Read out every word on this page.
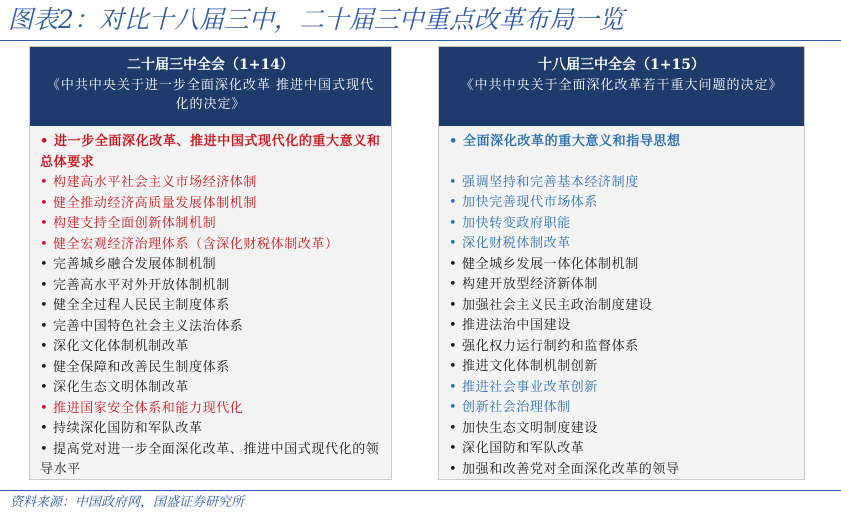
图表2：对比十八届三中，二十届三中重点改革布局一览
二十届三中全会（1+14）
《中共中央关于进一步全面深化改革 推进中国式现代化的决定》
• 进一步全面深化改革、推进中国式现代化的重大意义和总体要求
• 构建高水平社会主义市场经济体制
• 健全推动经济高质量发展体制机制
• 构建支持全面创新体制机制
• 健全宏观经济治理体系（含深化财税体制改革）
• 完善城乡融合发展体制机制
• 完善高水平对外开放体制机制
• 健全全过程人民民主制度体系
• 完善中国特色社会主义法治体系
• 深化文化体制机制改革
• 健全保障和改善民生制度体系
• 深化生态文明体制改革
• 推进国家安全体系和能力现代化
• 持续深化国防和军队改革
• 提高党对进一步全面深化改革、推进中国式现代化的领导水平
十八届三中全会（1+15）
《中共中央关于全面深化改革若干重大问题的决定》
• 全面深化改革的重大意义和指导思想
• 强调坚持和完善基本经济制度
• 加快完善现代市场体系
• 加快转变政府职能
• 深化财税体制改革
• 健全城乡发展一体化体制机制
• 构建开放型经济新体制
• 加强社会主义民主政治制度建设
• 推进法治中国建设
• 强化权力运行制约和监督体系
• 推进文化体制机制创新
• 推进社会事业改革创新
• 创新社会治理体制
• 加快生态文明制度建设
• 深化国防和军队改革
• 加强和改善党对全面深化改革的领导
资料来源：中国政府网，国盛证券研究所
